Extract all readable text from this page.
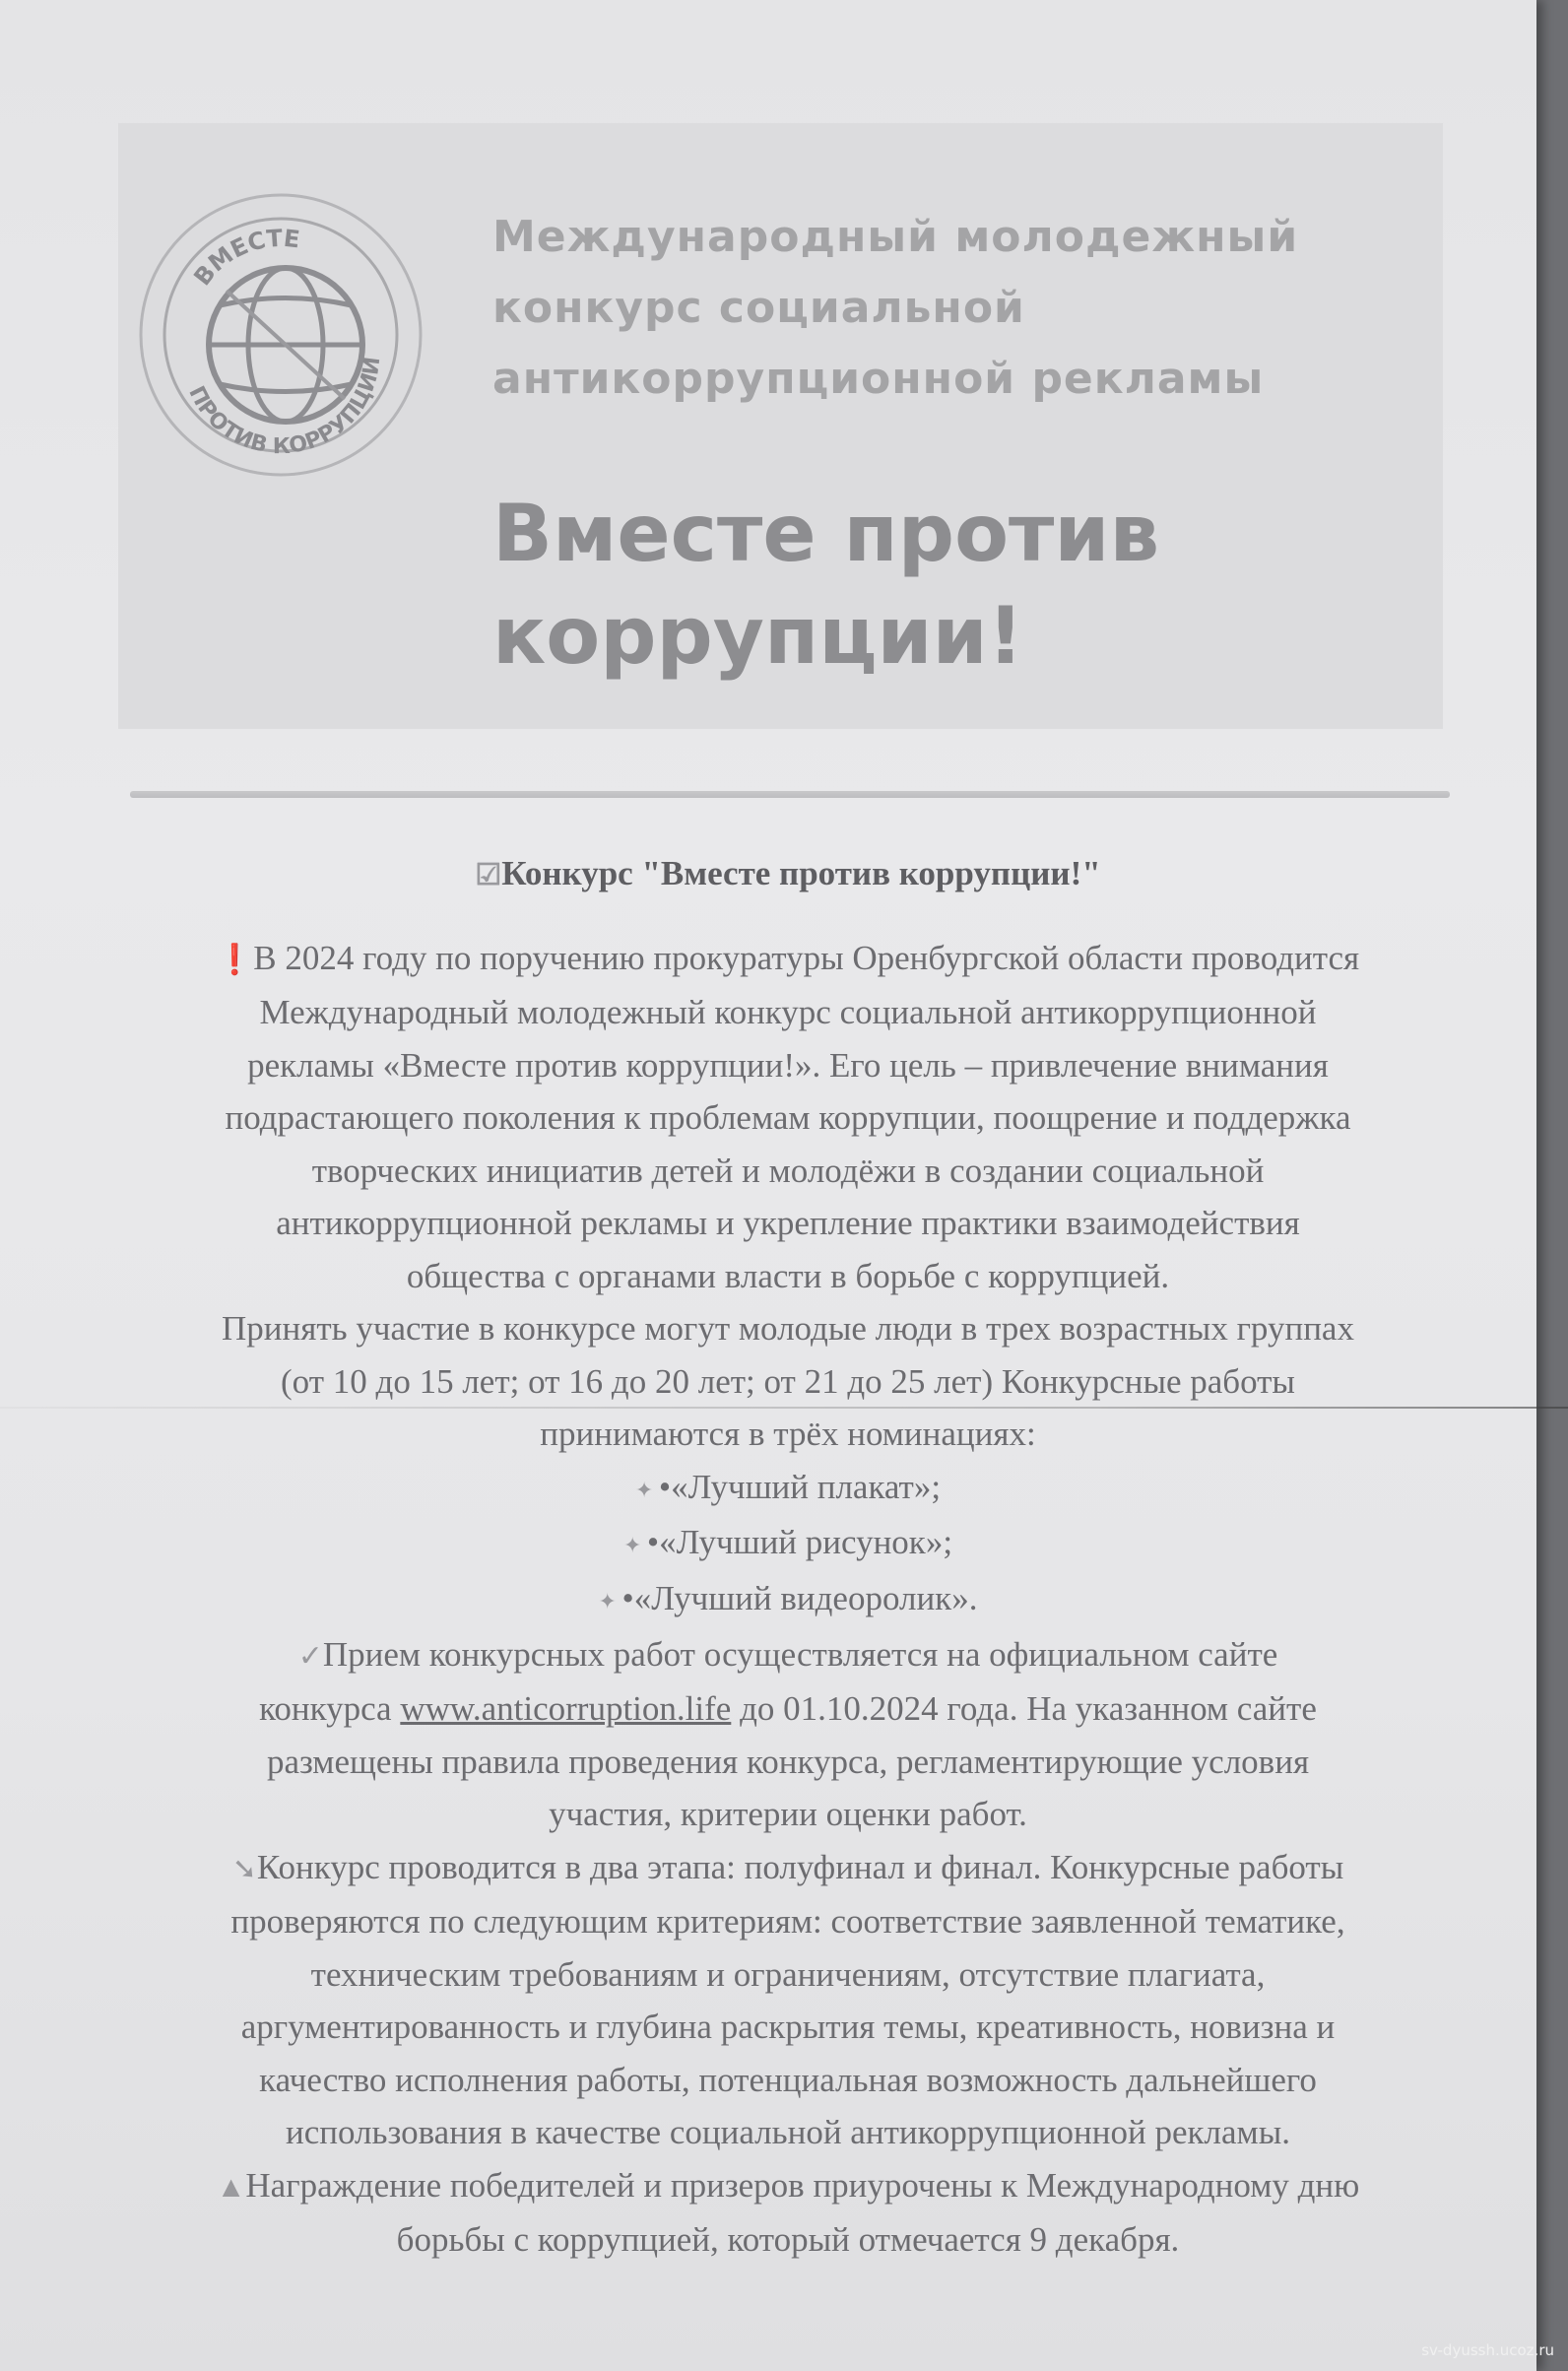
ВМЕСТЕ
ПРОТИВ КОРРУПЦИИ
Международный молодежный
конкурс социальной
антикоррупционной рекламы
Вместе против
коррупции!
☑Конкурс "Вместе против коррупции!"
❗В 2024 году по поручению прокуратуры Оренбургской области проводится
Международный молодежный конкурс социальной антикоррупционной
рекламы «Вместе против коррупции!». Его цель – привлечение внимания
подрастающего поколения к проблемам коррупции, поощрение и поддержка
творческих инициатив детей и молодёжи в создании социальной
антикоррупционной рекламы и укрепление практики взаимодействия
общества с органами власти в борьбе с коррупцией.
Принять участие в конкурсе могут молодые люди в трех возрастных группах
(от 10 до 15 лет; от 16 до 20 лет; от 21 до 25 лет) Конкурсные работы
принимаются в трёх номинациях:
✦ •«Лучший плакат»;
✦ •«Лучший рисунок»;
✦ •«Лучший видеоролик».
✓Прием конкурсных работ осуществляется на официальном сайте
конкурса www.anticorruption.life до 01.10.2024 года. На указанном сайте
размещены правила проведения конкурса, регламентирующие условия
участия, критерии оценки работ.
➘Конкурс проводится в два этапа: полуфинал и финал. Конкурсные работы
проверяются по следующим критериям: соответствие заявленной тематике,
техническим требованиям и ограничениям, отсутствие плагиата,
аргументированность и глубина раскрытия темы, креативность, новизна и
качество исполнения работы, потенциальная возможность дальнейшего
использования в качестве социальной антикоррупционной рекламы.
▲Награждение победителей и призеров приурочены к Международному дню
борьбы с коррупцией, который отмечается 9 декабря.
sv-dyussh.ucoz.ru
